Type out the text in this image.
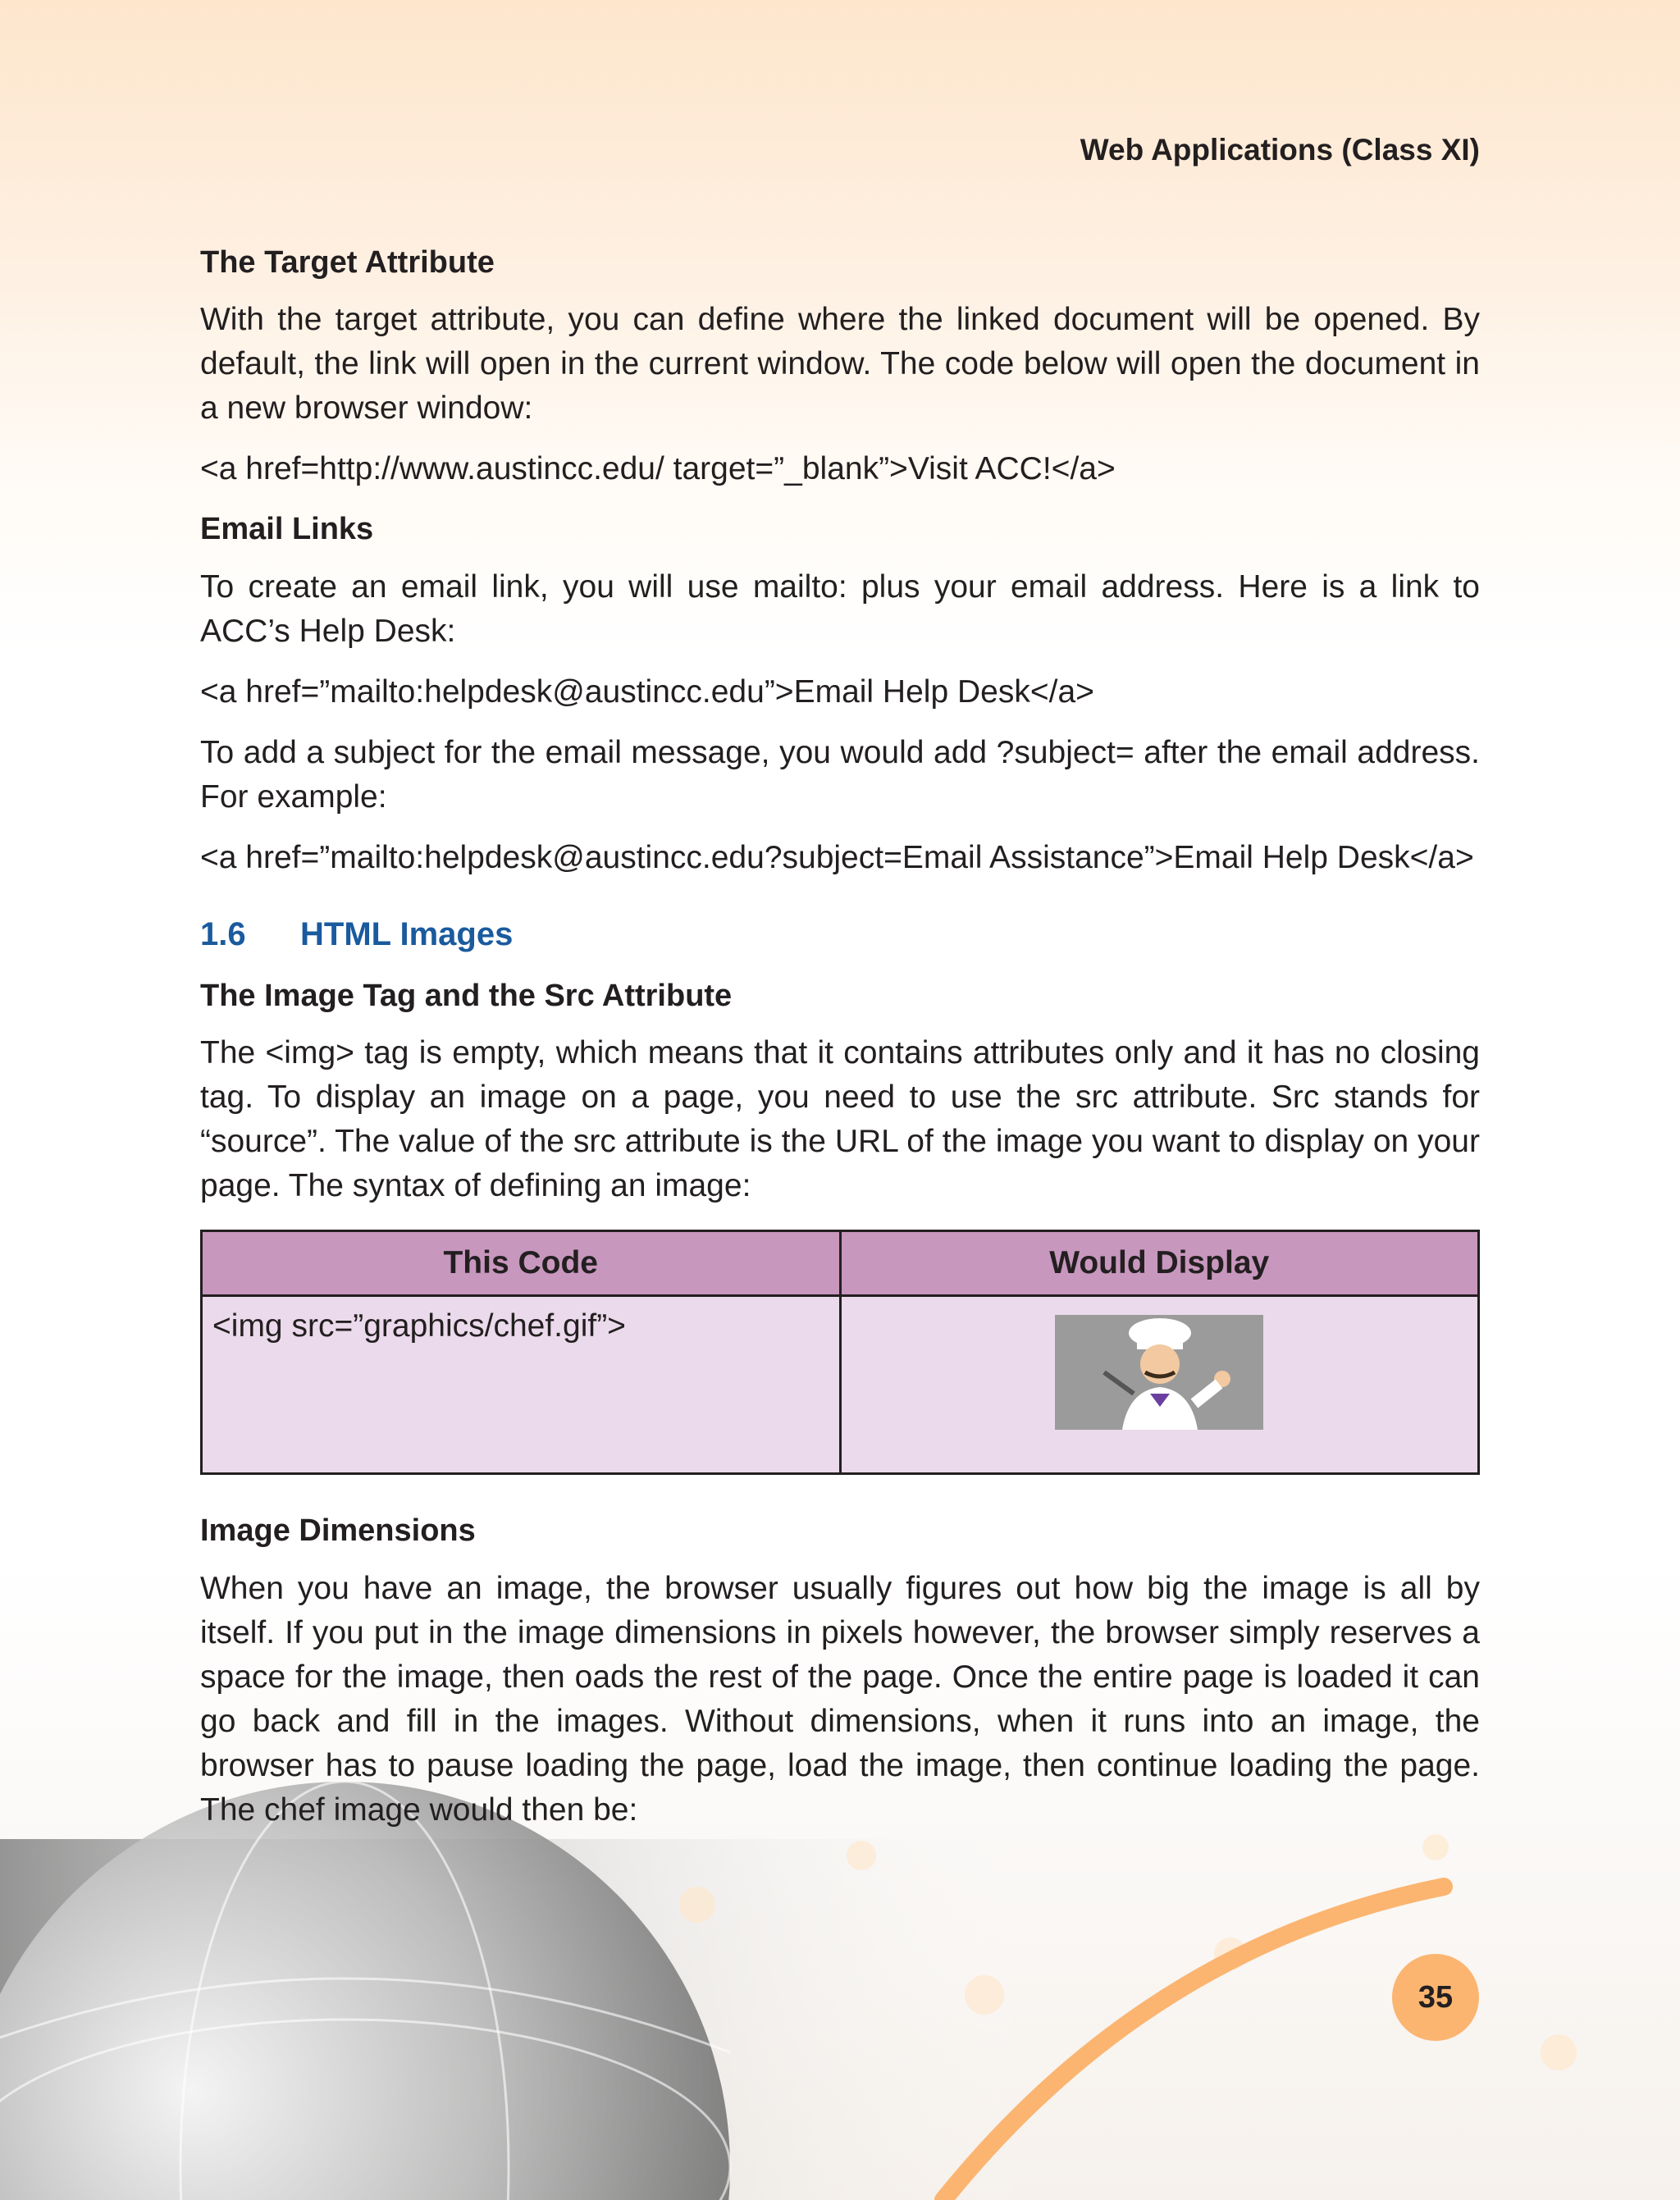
Web Applications (Class XI)
The Target Attribute

With the target attribute, you can define where the linked document will be opened. By default, the link will open in the current window. The code below will open the document in a new browser window:

<a href=http://www.austincc.edu/ target=”_blank”>Visit ACC!</a>

Email Links

To create an email link, you will use mailto: plus your email address. Here is a link to ACC’s Help Desk:

<a href=”mailto:helpdesk@austincc.edu”>Email Help Desk</a>

To add a subject for the email message, you would add ?subject= after the email address. For example:

<a href=”mailto:helpdesk@austincc.edu?subject=Email Assistance”>Email Help Desk</a>

1.6 HTML Images
The Image Tag and the Src Attribute

The <img> tag is empty, which means that it contains attributes only and it has no closing tag. To display an image on a page, you need to use the src attribute. Src stands for “source”. The value of the src attribute is the URL of the image you want to display on your page. The syntax of defining an image:

This Code	Would Display
<img src=”graphics/chef.gif”>	
Image Dimensions

When you have an image, the browser usually figures out how big the image is all by itself. If you put in the image dimensions in pixels however, the browser simply reserves a space for the image, then oads the rest of the page. Once the entire page is loaded it can go back and fill in the images. Without dimensions, when it runs into an image, the browser has to pause loading the page, load the image, then continue loading the page. The chef image would then be:

35
